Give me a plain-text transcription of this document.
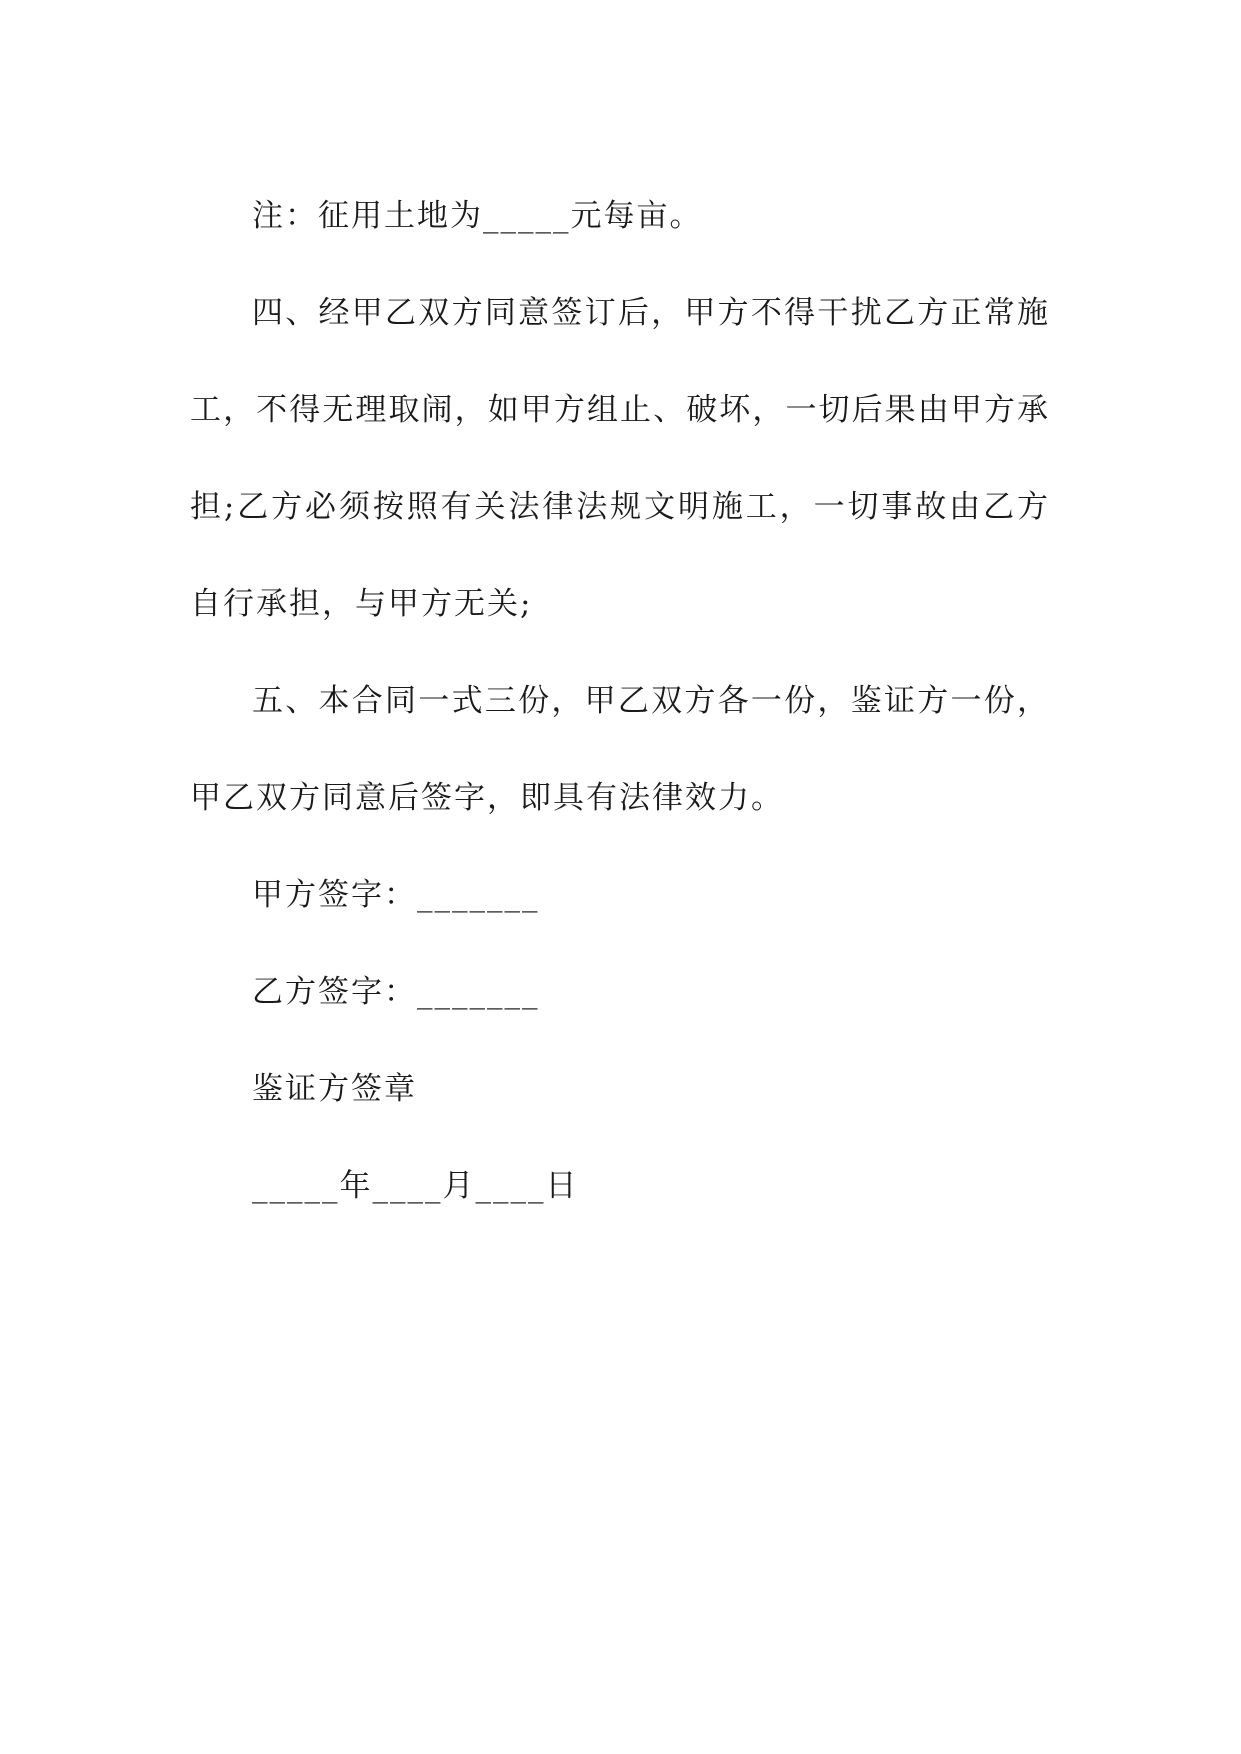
注：征用土地为_____元每亩。

四、经甲乙双方同意签订后，甲方不得干扰乙方正常施工，不得无理取闹，如甲方组止、破坏，一切后果由甲方承担;乙方必须按照有关法律法规文明施工，一切事故由乙方自行承担，与甲方无关;

五、本合同一式三份，甲乙双方各一份，鉴证方一份，甲乙双方同意后签字，即具有法律效力。

甲方签字：_______

乙方签字：_______

鉴证方签章

_____年____月____日
